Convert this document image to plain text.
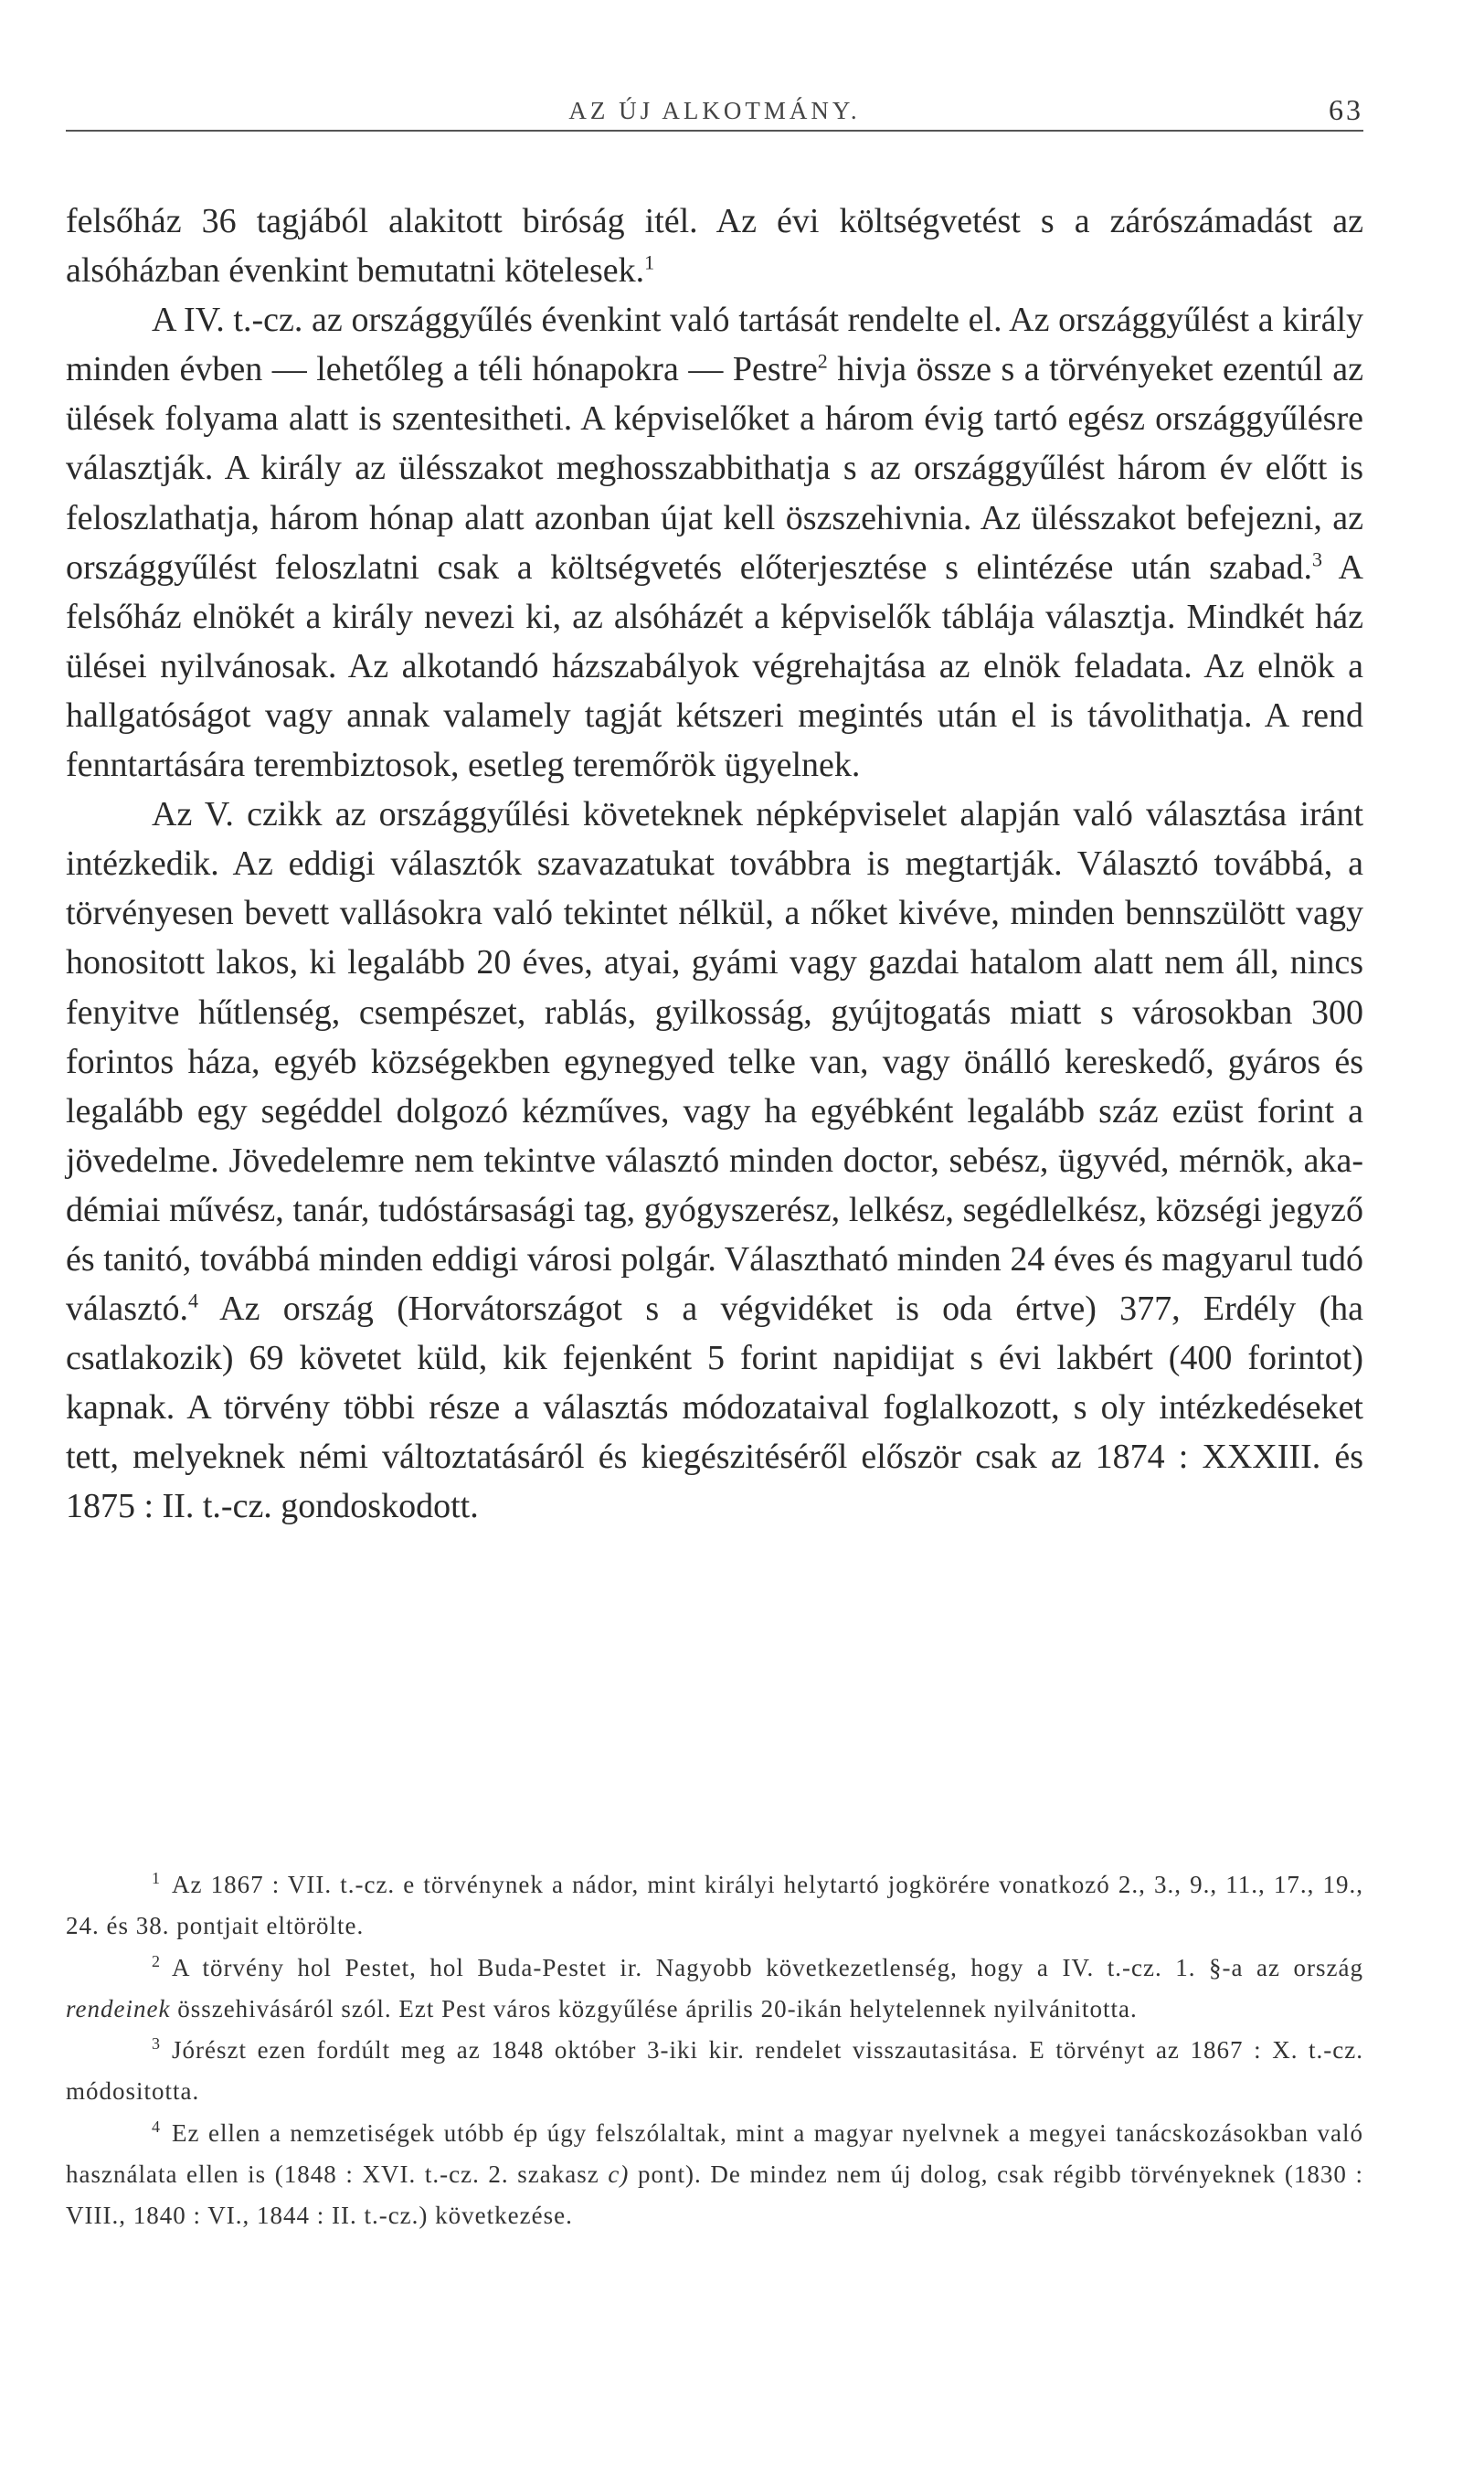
AZ ÚJ ALKOTMÁNY.	63

felsőház 36 tagjából alakitott biróság itél. Az évi költségvetést s a zárószámadást az alsóházban évenkint bemutatni kötelesek.$^1$

A IV. t.-cz. az országgyűlés évenkint való tartását rendelte el. Az országgyűlést a király minden évben — lehetőleg a téli hónapokra — Pestre$^2$ hivja össze s a törvényeket ezentúl az ülések folyama alatt is szentesitheti. A képviselőket a három évig tartó egész országgyűlésre választják. A király az ülésszakot meghosszabbithatja s az országgyűlést három év előtt is feloszlathatja, három hónap alatt azonban újat kell öszszehivnia. Az ülésszakot befejezni, az országgyűlést feloszlatni csak a költségvetés előterjesztése s elintézése után szabad.$^3$ A felsőház elnökét a király nevezi ki, az alsóházét a képviselők táblája választja. Mindkét ház ülései nyilvánosak. Az alkotandó házszabályok végrehajtása az elnök feladata. Az elnök a hallgatóságot vagy annak valamely tagját kétszeri megintés után el is távolithatja. A rend fenntartására terembiztosok, esetleg teremőrök ügyelnek.

Az V. czikk az országgyűlési követeknek népképviselet alapján való választása iránt intézkedik. Az eddigi választók szavazatukat továbbra is megtartják. Választó továbbá, a törvényesen bevett vallásokra való tekintet nélkül, a nőket kivéve, minden bennszülött vagy honositott lakos, ki legalább 20 éves, atyai, gyámi vagy gazdai hatalom alatt nem áll, nincs fenyitve hűtlenség, csempészet, rablás, gyilkosság, gyújtogatás miatt s városokban 300 forintos háza, egyéb községekben egynegyed telke van, vagy önálló kereskedő, gyáros és legalább egy segéddel dolgozó kézműves, vagy ha egyébként legalább száz ezüst forint a jövedelme. Jövedelemre nem tekintve választó minden doctor, sebész, ügyvéd, mérnök, akadémiai művész, tanár, tudóstársasági tag, gyógyszerész, lelkész, segédlelkész, községi jegyző és tanitó, továbbá minden eddigi városi polgár. Választható minden 24 éves és magyarul tudó választó.$^4$ Az ország (Horvátországot s a végvidéket is oda értve) 377, Erdély (ha csatlakozik) 69 követet küld, kik fejenként 5 forint napidijat s évi lakbért (400 forintot) kapnak. A törvény többi része a választás módozataival foglalkozott, s oly intézkedéseket tett, melyeknek némi változtatásáról és kiegészitéséről először csak az 1874 : XXXIII. és 1875 : II. t.-cz. gondoskodott.

$^1$ Az 1867 : VII. t.-cz. e törvénynek a nádor, mint királyi helytartó jogkörére vonatkozó 2., 3., 9., 11., 17., 19., 24. és 38. pontjait eltörölte.

$^2$ A törvény hol Pestet, hol Buda-Pestet ir. Nagyobb következetlenség, hogy a IV. t.-cz. 1. §-a az ország rendeinek összehivásáról szól. Ezt Pest város közgyűlése április 20-ikán helytelennek nyilvánitotta.

$^3$ Jórészt ezen fordúlt meg az 1848 október 3-iki kir. rendelet visszautasitása. E törvényt az 1867 : X. t.-cz. módositotta.

$^4$ Ez ellen a nemzetiségek utóbb ép úgy felszólaltak, mint a magyar nyelvnek a megyei tanácskozásokban való használata ellen is (1848 : XVI. t.-cz. 2. szakasz c) pont). De mindez nem új dolog, csak régibb törvényeknek (1830 : VIII., 1840 : VI., 1844 : II. t.-cz.) következése.
